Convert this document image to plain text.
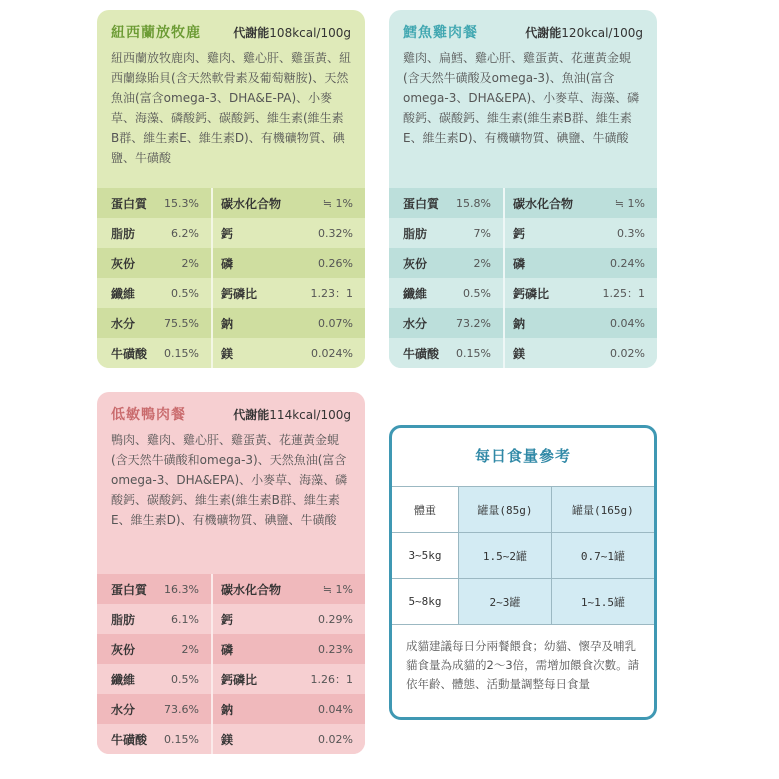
紐西蘭放牧鹿	代謝能108kcal/100g
紐西蘭放牧鹿肉、雞肉、雞心肝、雞蛋黃、紐西蘭綠貽貝(含天然軟骨素及葡萄糖胺)、天然魚油(富含omega-3、DHA&E-PA)、小麥草、海藻、磷酸鈣、碳酸鈣、維生素(維生素B群、維生素E、維生素D)、有機礦物質、碘鹽、牛磺酸
蛋白質 15.3% 碳水化合物	≒ 1%
脂肪	6.2% 鈣	0.32%
灰份	2% 磷	0.26%
纖維	0.5% 鈣磷比	1.23：1
水分	75.5% 鈉	0.07%
牛磺酸 0.15% 鎂	0.024%
鱈魚雞肉餐	代謝能120kcal/100g
雞肉、扁鱈、雞心肝、雞蛋黃、花蓮黃金蜆(含天然牛磺酸及omega-3)、魚油(富含omega-3、DHA&EPA)、小麥草、海藻、磷酸鈣、碳酸鈣、維生素(維生素B群、維生素E、維生素D)、有機礦物質、碘鹽、牛磺酸
蛋白質 15.8% 碳水化合物	≒ 1%
脂肪	7% 鈣	0.3%
灰份	2% 磷	0.24%
纖維	0.5% 鈣磷比	1.25：1
水分	73.2% 鈉	0.04%
牛磺酸 0.15% 鎂	0.02%
低敏鴨肉餐	代謝能114kcal/100g
鴨肉、雞肉、雞心肝、雞蛋黃、花蓮黃金蜆(含天然牛磺酸和omega-3)、天然魚油(富含omega-3、DHA&EPA)、小麥草、海藻、磷酸鈣、碳酸鈣、維生素(維生素B群、維生素E、維生素D)、有機礦物質、碘鹽、牛磺酸
蛋白質 16.3% 碳水化合物	≒ 1%
脂肪	6.1% 鈣	0.29%
灰份	2% 磷	0.23%
纖維	0.5% 鈣磷比	1.26：1
水分	73.6% 鈉	0.04%
牛磺酸 0.15% 鎂	0.02%
每日食量參考
體重	罐量(85g)	罐量(165g)
3~5kg	1.5~2罐	0.7~1罐
5~8kg	2~3罐	1~1.5罐
成貓建議每日分兩餐餵食；幼貓、懷孕及哺乳貓食量為成貓的2～3倍，需增加餵食次數。請依年齡、體態、活動量調整每日食量
